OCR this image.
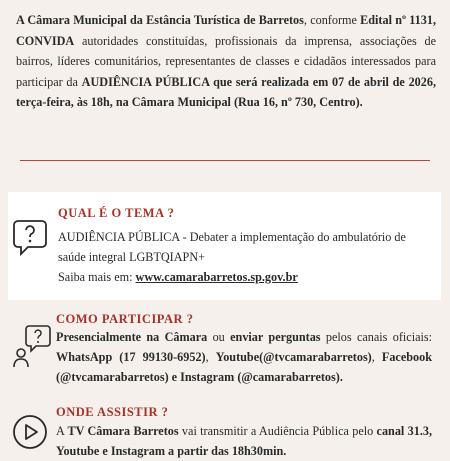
A Câmara Municipal da Estância Turística de Barretos, conforme Edital nº 1131, CONVIDA autoridades constituídas, profissionais da imprensa, associações de bairros, líderes comunitários, representantes de classes e cidadãos interessados para participar da AUDIÊNCIA PÚBLICA que será realizada em 07 de abril de 2026, terça-feira, às 18h, na Câmara Municipal (Rua 16, nº 730, Centro).
QUAL É O TEMA ?
AUDIÊNCIA PÚBLICA - Debater a implementação do ambulatório de saúde integral LGBTQIAPN+
Saiba mais em: www.camarabarretos.sp.gov.br
COMO PARTICIPAR ?
Presencialmente na Câmara ou enviar perguntas pelos canais oficiais: WhatsApp (17 99130-6952), Youtube(@tvcamarabarretos), Facebook (@tvcamarabarretos) e Instagram (@camarabarretos).
ONDE ASSISTIR ?
A TV Câmara Barretos vai transmitir a Audiência Pública pelo canal 31.3, Youtube e Instagram a partir das 18h30min.
